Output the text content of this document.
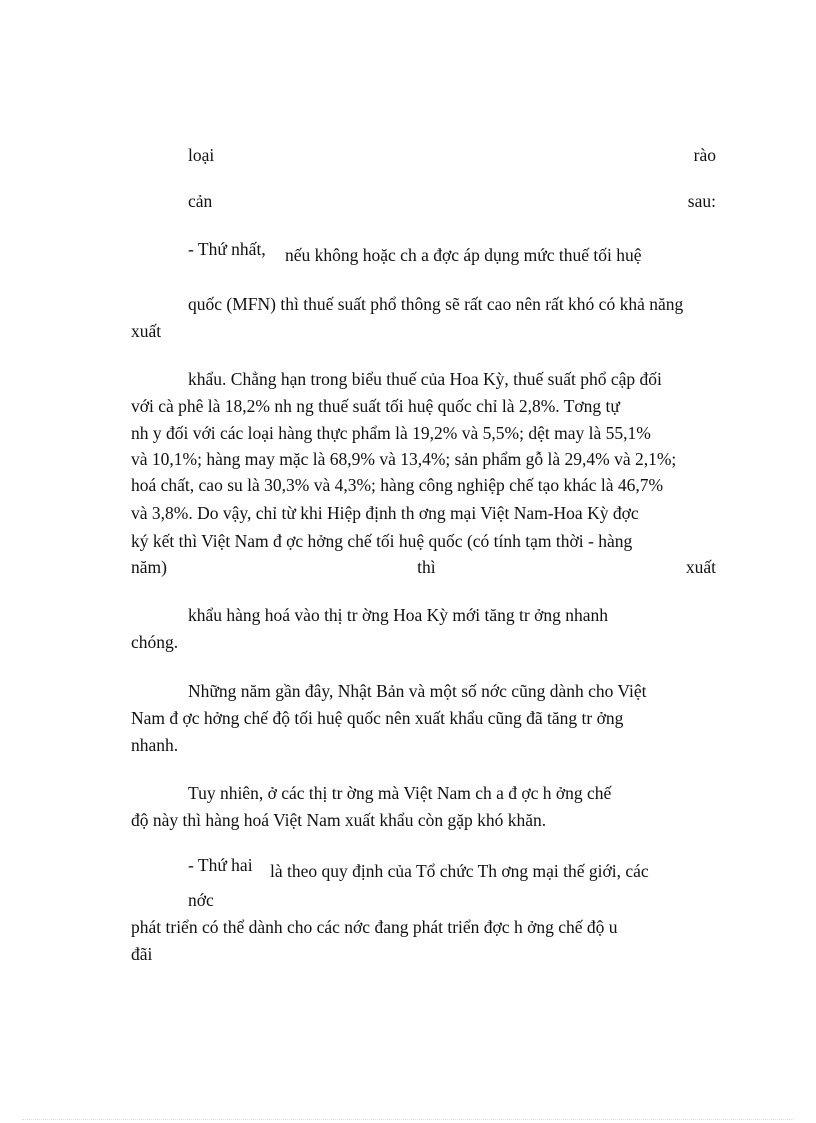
loại	rào
cản	sau:
- Thứ nhất, nếu không hoặc ch a đợc áp dụng mức thuế tối huệ
quốc (MFN) thì thuế suất phổ thông sẽ rất cao nên rất khó có khả năng
xuất
khẩu. Chẳng hạn trong biểu thuế của Hoa Kỳ, thuế suất phổ cập đối
với cà phê là 18,2% nh ng thuế suất tối huệ quốc chỉ là 2,8%. Tơng tự
nh y đối với các loại hàng thực phẩm là 19,2% và 5,5%; dệt may là 55,1%
và 10,1%; hàng may mặc là 68,9% và 13,4%; sản phẩm gỗ là 29,4% và 2,1%;
hoá chất, cao su là 30,3% và 4,3%; hàng công nghiệp chế tạo khác là 46,7%
và 3,8%. Do vậy, chỉ từ khi Hiệp định th ơng mại Việt Nam-Hoa Kỳ đợc
ký kết thì Việt Nam đ ợc hởng chế tối huệ quốc (có tính tạm thời - hàng
năm)	thì	xuất
khẩu hàng hoá vào thị tr ờng Hoa Kỳ mới tăng tr ởng nhanh
chóng.
Những năm gần đây, Nhật Bản và một số nớc cũng dành cho Việt
Nam đ ợc hởng chế độ tối huệ quốc nên xuất khẩu cũng đã tăng tr ởng
nhanh.
Tuy nhiên, ở các thị tr ờng mà Việt Nam ch a đ ợc h ởng chế
độ này thì hàng hoá Việt Nam xuất khẩu còn gặp khó khăn.
- Thứ hai là theo quy định của Tổ chức Th ơng mại thế giới, các
nớc
phát triển có thể dành cho các nớc đang phát triển đợc h ởng chế độ u
đãi
